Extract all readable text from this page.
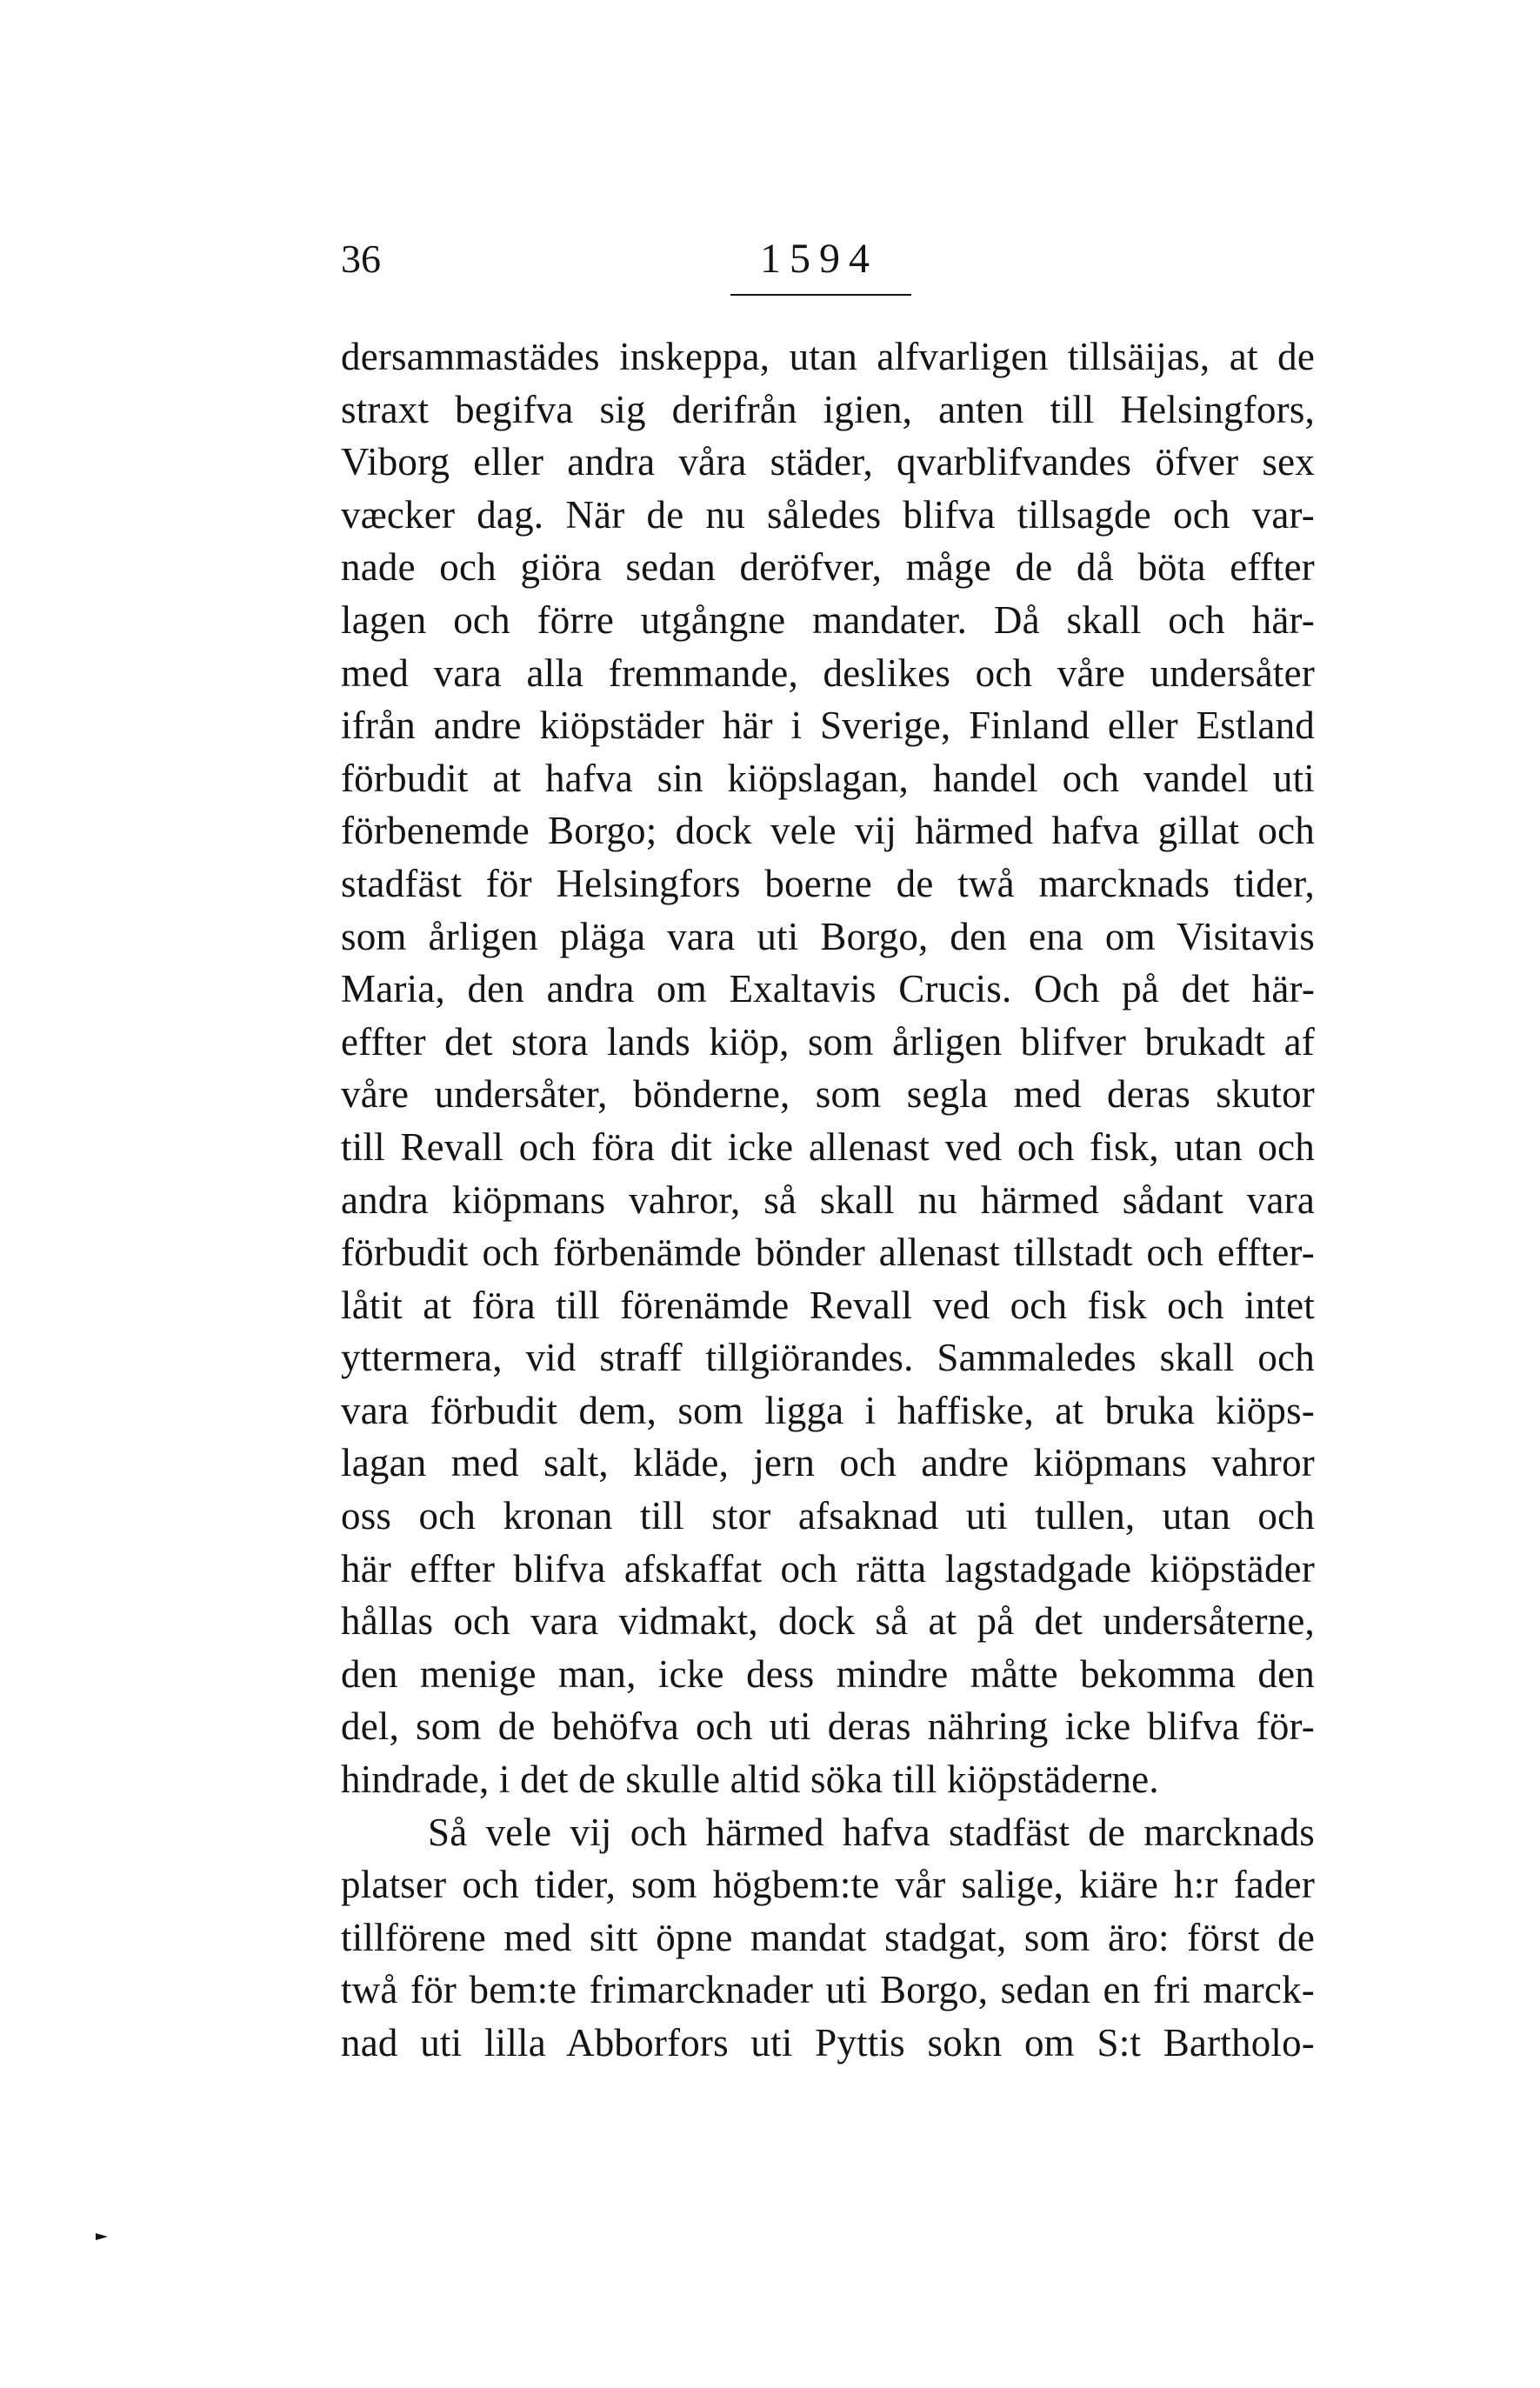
36	1594
dersammastädes inskeppa, utan alfvarligen tillsäijas, at de
straxt begifva sig derifrån igien, anten till Helsingfors,
Viborg eller andra våra städer, qvarblifvandes öfver sex
væcker dag. När de nu således blifva tillsagde och var-
nade och giöra sedan deröfver, måge de då böta effter
lagen och förre utgångne mandater. Då skall och här-
med vara alla fremmande, deslikes och våre undersåter
ifrån andre kiöpstäder här i Sverige, Finland eller Estland
förbudit at hafva sin kiöpslagan, handel och vandel uti
förbenemde Borgo; dock vele vij härmed hafva gillat och
stadfäst för Helsingfors boerne de twå marcknads tider,
som årligen pläga vara uti Borgo, den ena om Visitavis
Maria, den andra om Exaltavis Crucis. Och på det här-
effter det stora lands kiöp, som årligen blifver brukadt af
våre undersåter, bönderne, som segla med deras skutor
till Revall och föra dit icke allenast ved och fisk, utan och
andra kiöpmans vahror, så skall nu härmed sådant vara
förbudit och förbenämde bönder allenast tillstadt och effter-
låtit at föra till förenämde Revall ved och fisk och intet
yttermera, vid straff tillgiörandes. Sammaledes skall och
vara förbudit dem, som ligga i haffiske, at bruka kiöps-
lagan med salt, kläde, jern och andre kiöpmans vahror
oss och kronan till stor afsaknad uti tullen, utan och
här effter blifva afskaffat och rätta lagstadgade kiöpstäder
hållas och vara vidmakt, dock så at på det undersåterne,
den menige man, icke dess mindre måtte bekomma den
del, som de behöfva och uti deras nähring icke blifva för-
hindrade, i det de skulle altid söka till kiöpstäderne.
Så vele vij och härmed hafva stadfäst de marcknads
platser och tider, som högbem:te vår salige, kiäre h:r fader
tillförene med sitt öpne mandat stadgat, som äro: först de
twå för bem:te frimarcknader uti Borgo, sedan en fri marck-
nad uti lilla Abborfors uti Pyttis sokn om S:t Bartholo-
